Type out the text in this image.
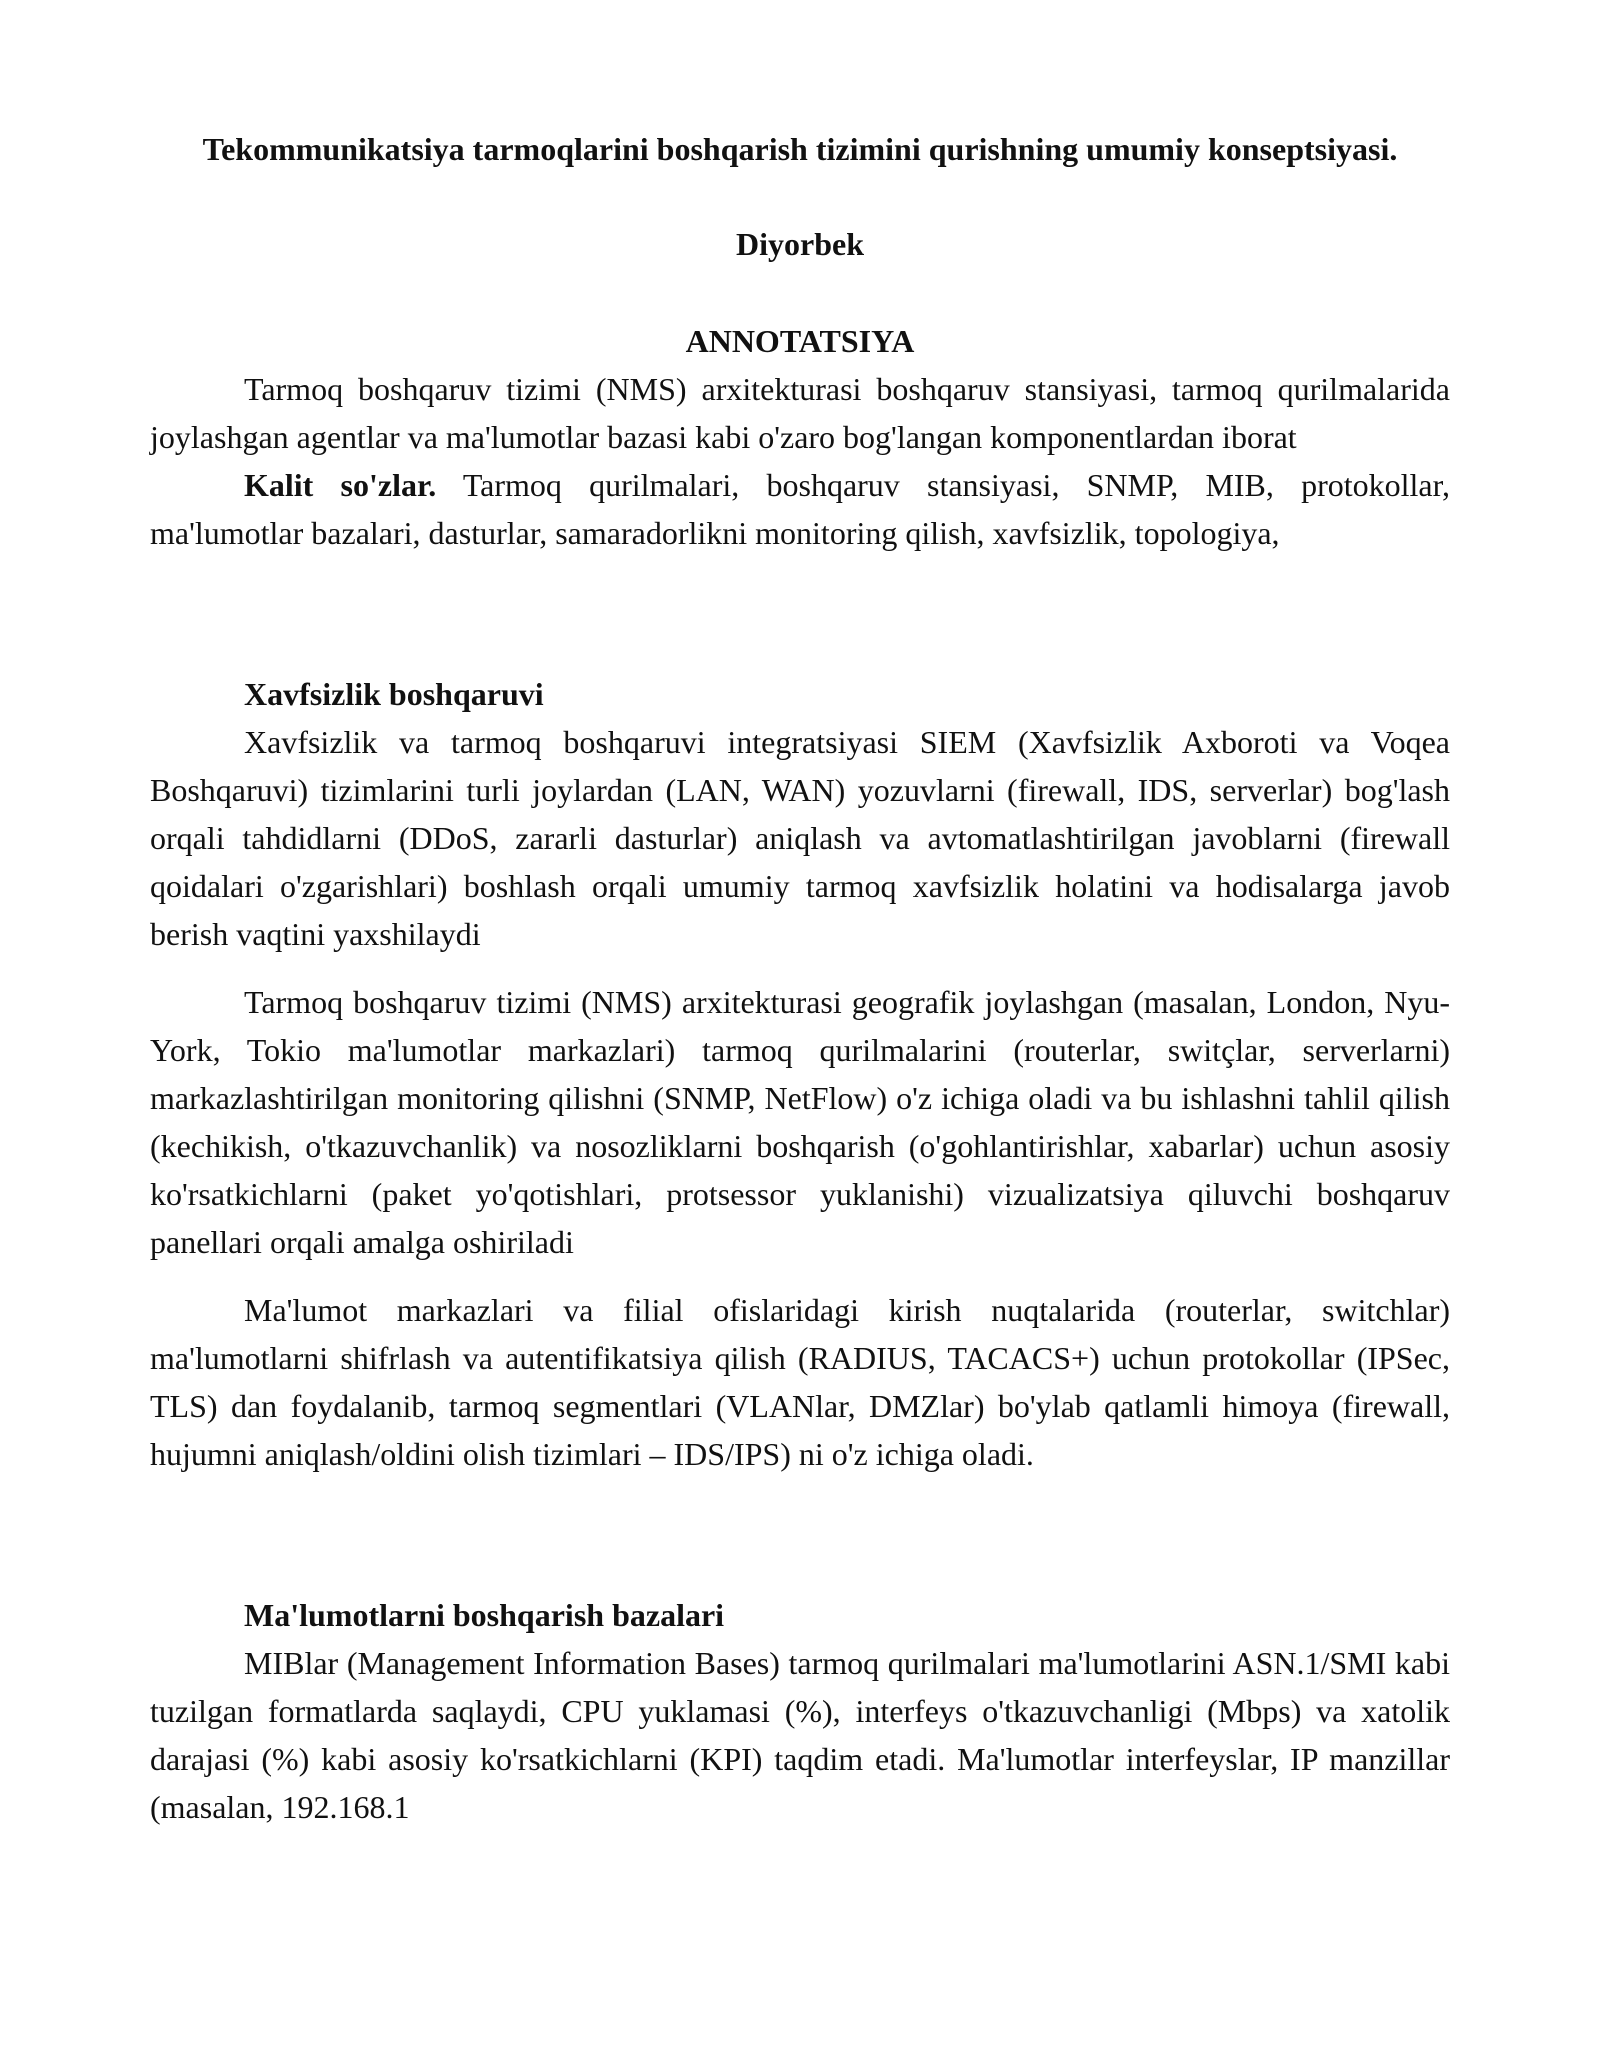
Tekommunikatsiya tarmoqlarini boshqarish tizimini qurishning umumiy konseptsiyasi.
Diyorbek
ANNOTATSIYA

Tarmoq boshqaruv tizimi (NMS) arxitekturasi boshqaruv stansiyasi, tarmoq qurilmalarida joylashgan agentlar va ma'lumotlar bazasi kabi o'zaro bog'langan komponentlardan iborat

Kalit so'zlar. Tarmoq qurilmalari, boshqaruv stansiyasi, SNMP, MIB, protokollar, ma'lumotlar bazalari, dasturlar, samaradorlikni monitoring qilish, xavfsizlik, topologiya,

Xavfsizlik boshqaruvi

Xavfsizlik va tarmoq boshqaruvi integratsiyasi SIEM (Xavfsizlik Axboroti va Voqea Boshqaruvi) tizimlarini turli joylardan (LAN, WAN) yozuvlarni (firewall, IDS, serverlar) bog'lash orqali tahdidlarni (DDoS, zararli dasturlar) aniqlash va avtomatlashtirilgan javoblarni (firewall qoidalari o'zgarishlari) boshlash orqali umumiy tarmoq xavfsizlik holatini va hodisalarga javob berish vaqtini yaxshilaydi

Tarmoq boshqaruv tizimi (NMS) arxitekturasi geografik joylashgan (masalan, London, Nyu-York, Tokio ma'lumotlar markazlari) tarmoq qurilmalarini (routerlar, switçlar, serverlarni) markazlashtirilgan monitoring qilishni (SNMP, NetFlow) o'z ichiga oladi va bu ishlashni tahlil qilish (kechikish, o'tkazuvchanlik) va nosozliklarni boshqarish (o'gohlantirishlar, xabarlar) uchun asosiy ko'rsatkichlarni (paket yo'qotishlari, protsessor yuklanishi) vizualizatsiya qiluvchi boshqaruv panellari orqali amalga oshiriladi

Ma'lumot markazlari va filial ofislaridagi kirish nuqtalarida (routerlar, switchlar) ma'lumotlarni shifrlash va autentifikatsiya qilish (RADIUS, TACACS+) uchun protokollar (IPSec, TLS) dan foydalanib, tarmoq segmentlari (VLANlar, DMZlar) bo'ylab qatlamli himoya (firewall, hujumni aniqlash/oldini olish tizimlari – IDS/IPS) ni o'z ichiga oladi.

Ma'lumotlarni boshqarish bazalari

MIBlar (Management Information Bases) tarmoq qurilmalari ma'lumotlarini ASN.1/SMI kabi tuzilgan formatlarda saqlaydi, CPU yuklamasi (%), interfeys o'tkazuvchanligi (Mbps) va xatolik darajasi (%) kabi asosiy ko'rsatkichlarni (KPI) taqdim etadi. Ma'lumotlar interfeyslar, IP manzillar (masalan, 192.168.1
